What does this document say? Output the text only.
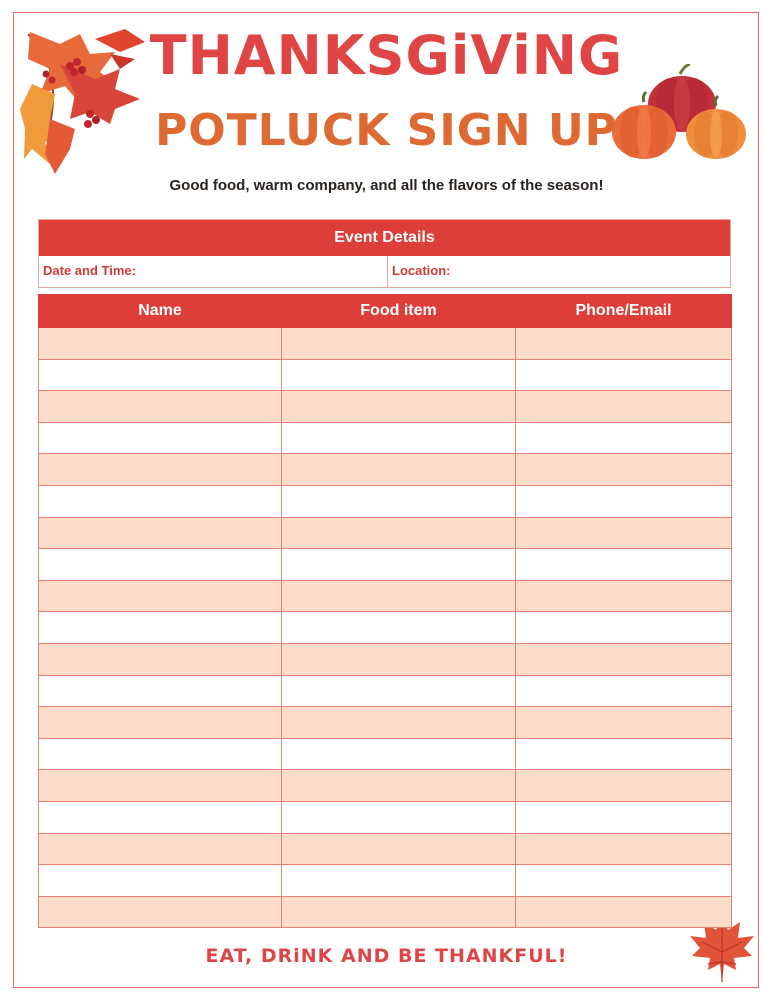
THANKSGiViNG
POTLUCK SIGN UP
Good food, warm company, and all the flavors of the season!
Event Details
Date and Time:	Location:
Name	Food item	Phone/Email

EAT, DRiNK AND BE THANKFUL!
